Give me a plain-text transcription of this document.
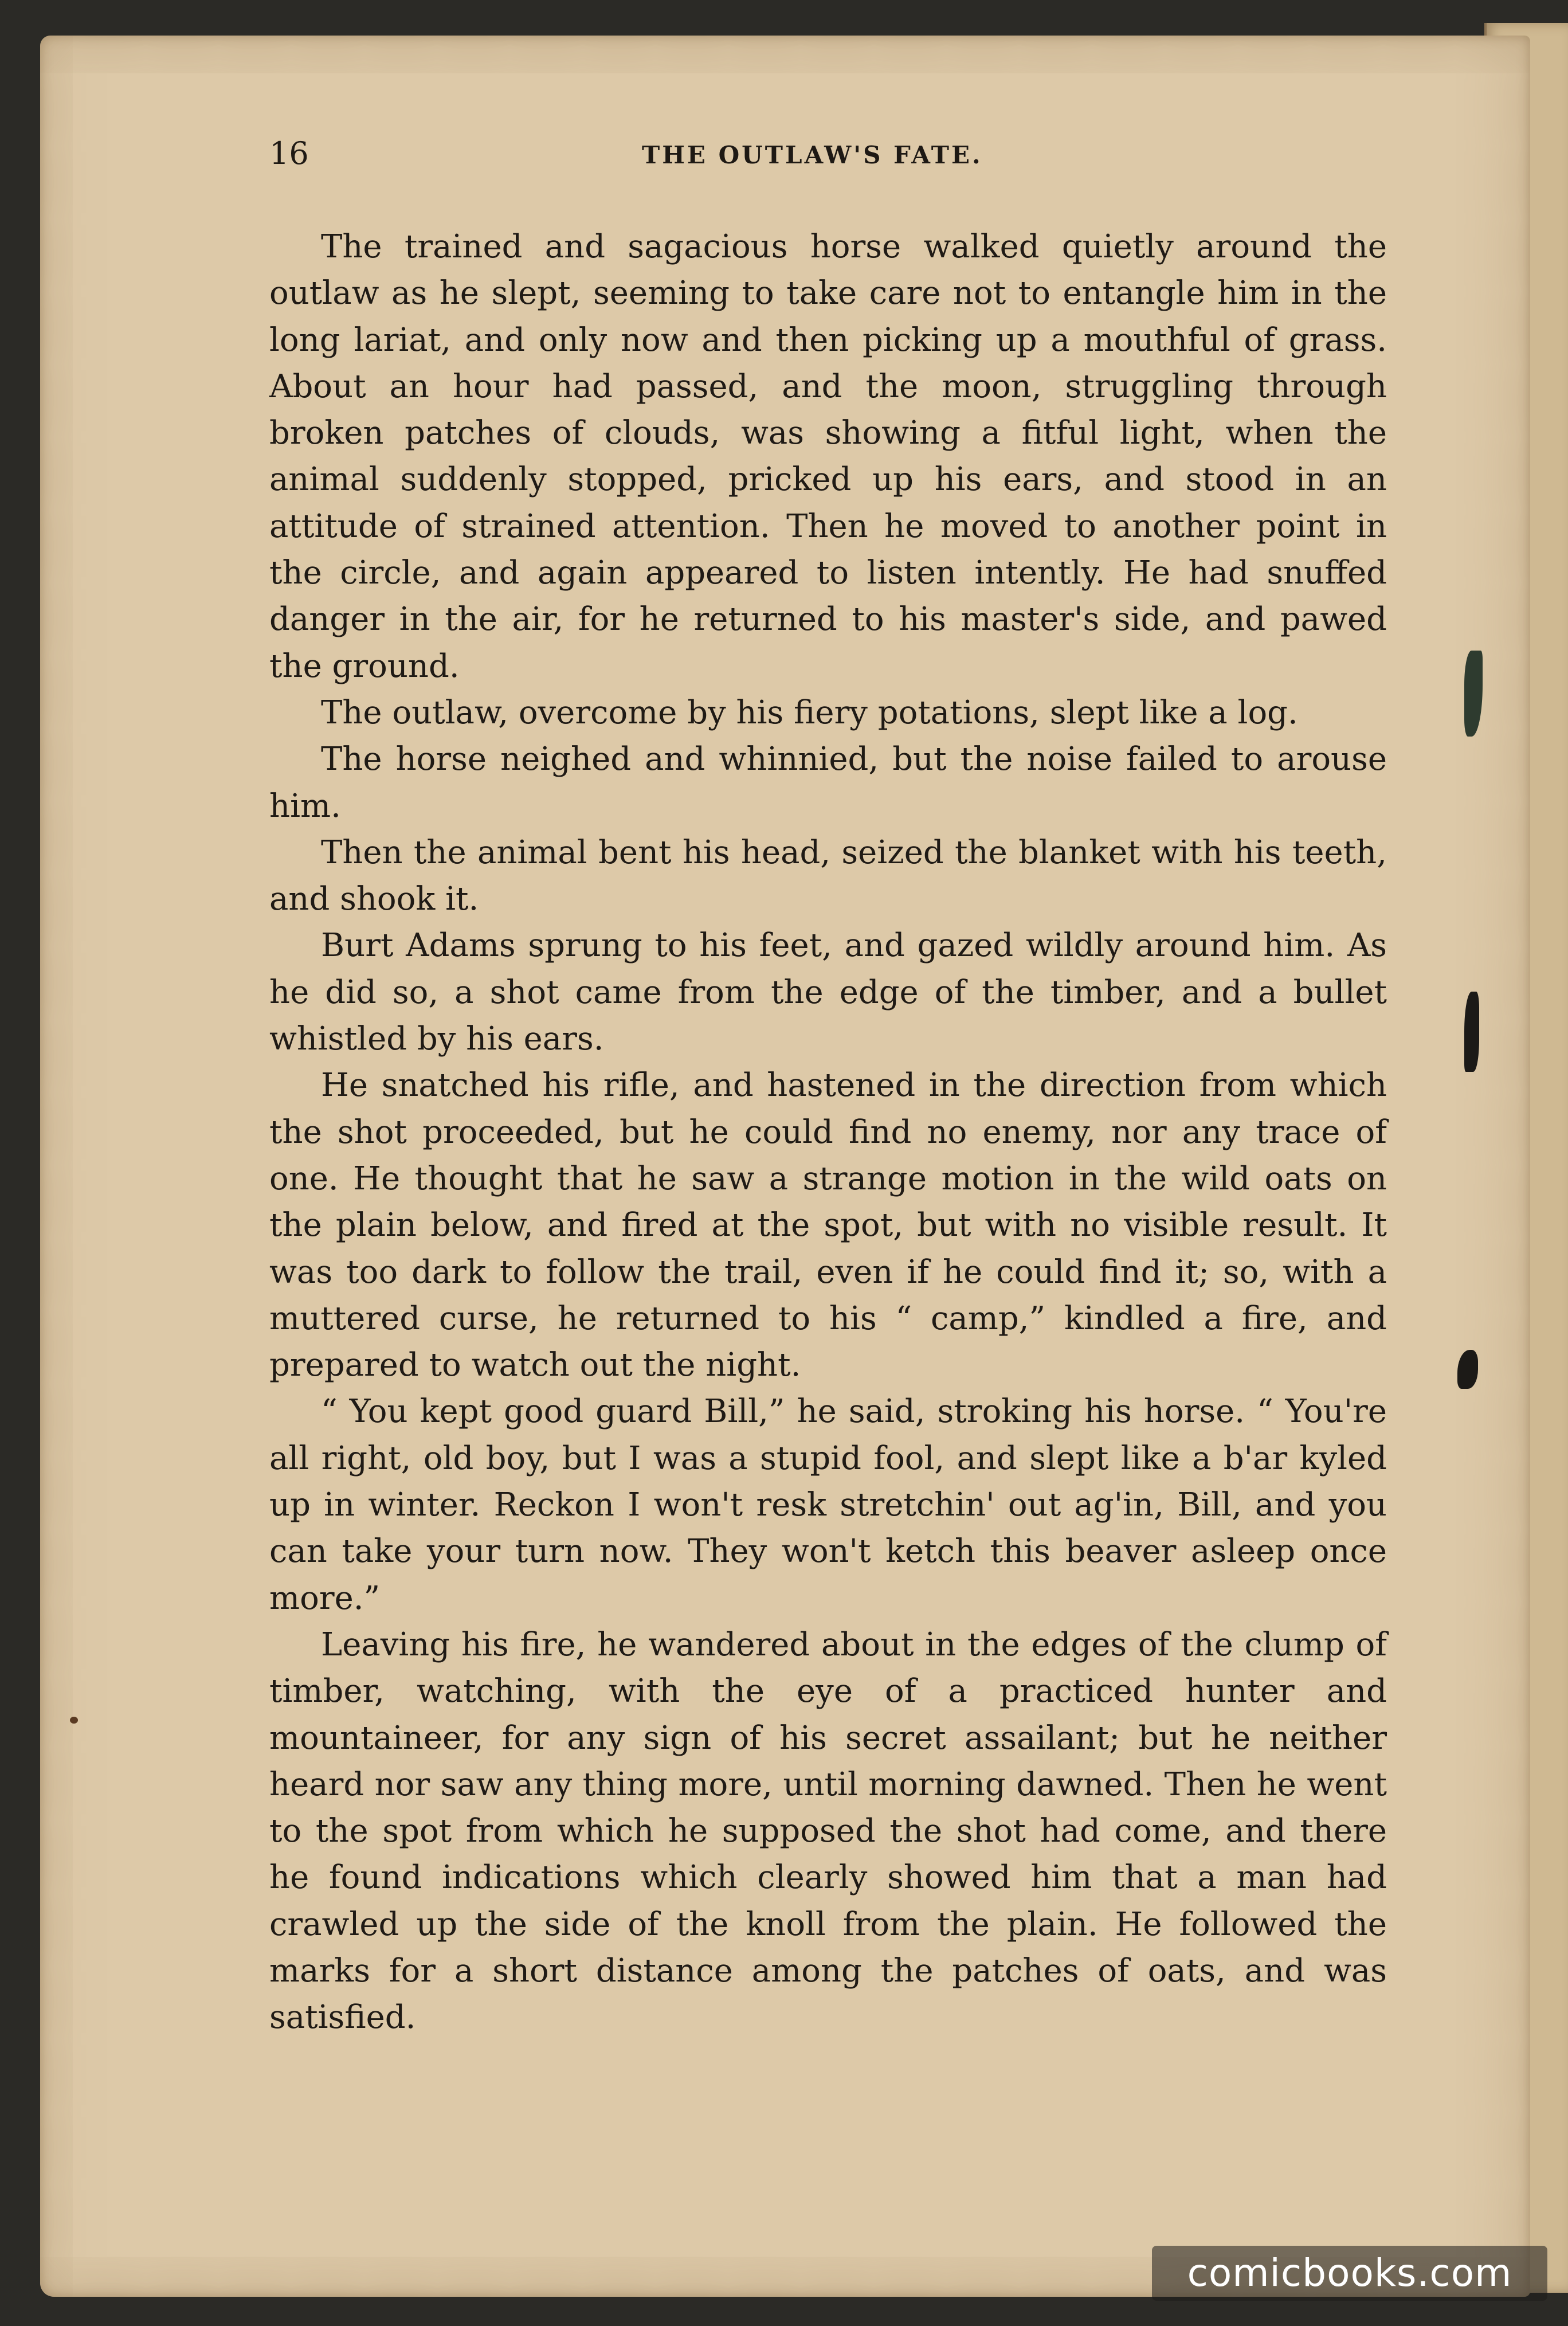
16	THE OUTLAW'S FATE.

The trained and sagacious horse walked quietly around the outlaw as he slept, seeming to take care not to entangle him in the long lariat, and only now and then picking up a mouthful of grass. About an hour had passed, and the moon, struggling through broken patches of clouds, was showing a fitful light, when the animal suddenly stopped, pricked up his ears, and stood in an attitude of strained attention. Then he moved to another point in the circle, and again appeared to listen intently. He had snuffed danger in the air, for he returned to his master's side, and pawed the ground.

The outlaw, overcome by his fiery potations, slept like a log.

The horse neighed and whinnied, but the noise failed to arouse him.

Then the animal bent his head, seized the blanket with his teeth, and shook it.

Burt Adams sprung to his feet, and gazed wildly around him. As he did so, a shot came from the edge of the timber, and a bullet whistled by his ears.

He snatched his rifle, and hastened in the direction from which the shot proceeded, but he could find no enemy, nor any trace of one. He thought that he saw a strange motion in the wild oats on the plain below, and fired at the spot, but with no visible result. It was too dark to follow the trail, even if he could find it; so, with a muttered curse, he returned to his “ camp,” kindled a fire, and prepared to watch out the night.

“ You kept good guard Bill,” he said, stroking his horse. “ You're all right, old boy, but I was a stupid fool, and slept like a b'ar kyled up in winter. Reckon I won't resk stretchin' out ag'in, Bill, and you can take your turn now. They won't ketch this beaver asleep once more.”

Leaving his fire, he wandered about in the edges of the clump of timber, watching, with the eye of a practiced hunter and mountaineer, for any sign of his secret assailant; but he neither heard nor saw any thing more, until morning dawned. Then he went to the spot from which he supposed the shot had come, and there he found indications which clearly showed him that a man had crawled up the side of the knoll from the plain. He followed the marks for a short distance among the patches of oats, and was satisfied.

comicbooks.com
